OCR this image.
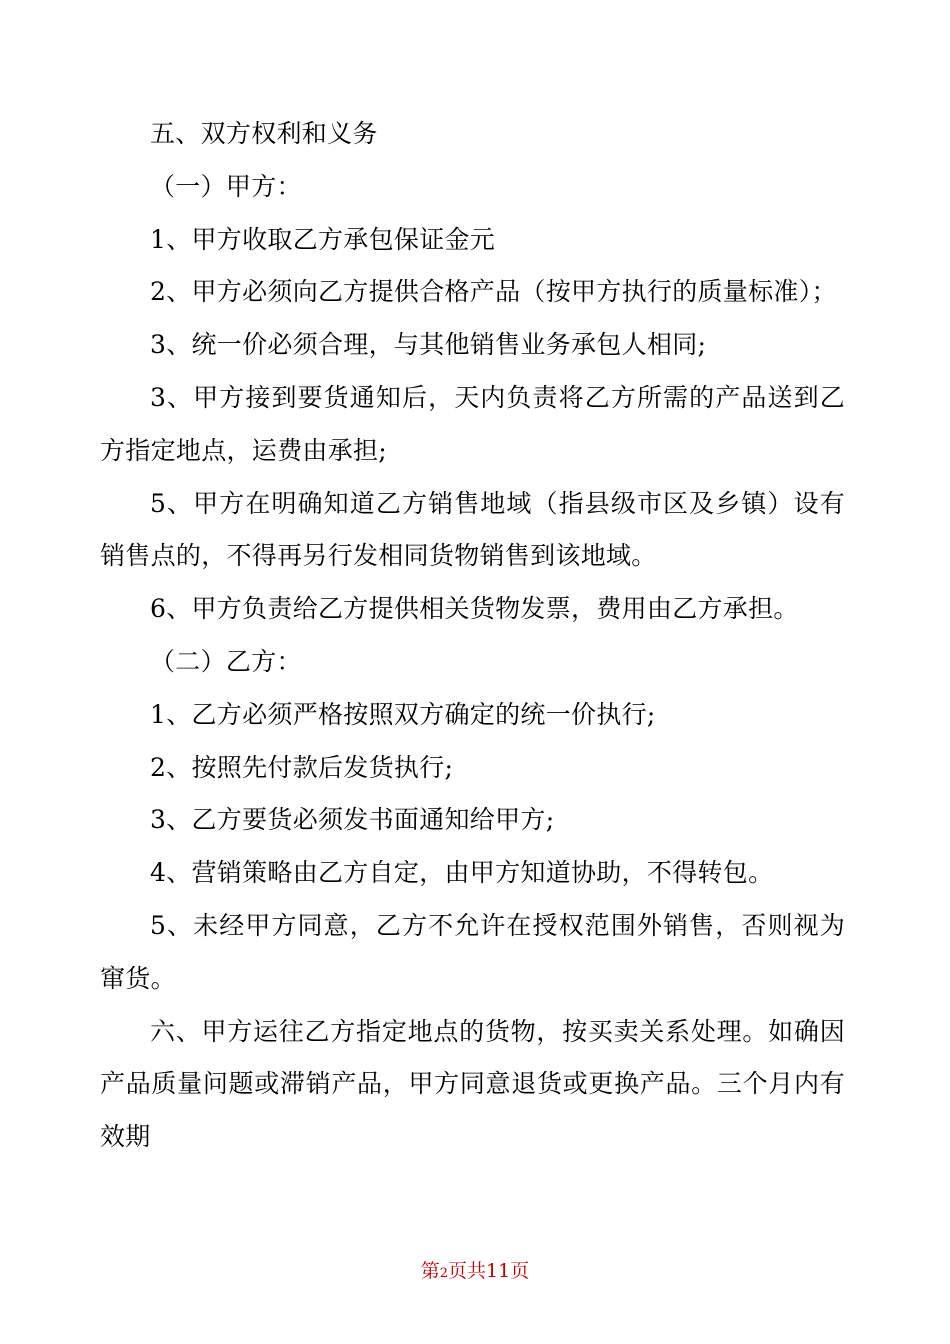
五、双方权利和义务

（一）甲方：

1、甲方收取乙方承包保证金元

2、甲方必须向乙方提供合格产品（按甲方执行的质量标准）；

3、统一价必须合理，与其他销售业务承包人相同;

3、甲方接到要货通知后，天内负责将乙方所需的产品送到乙方指定地点，运费由承担;

5、甲方在明确知道乙方销售地域（指县级市区及乡镇）设有销售点的，不得再另行发相同货物销售到该地域。

6、甲方负责给乙方提供相关货物发票，费用由乙方承担。

（二）乙方：

1、乙方必须严格按照双方确定的统一价执行;

2、按照先付款后发货执行;

3、乙方要货必须发书面通知给甲方;

4、营销策略由乙方自定，由甲方知道协助，不得转包。

5、未经甲方同意，乙方不允许在授权范围外销售，否则视为窜货。

六、甲方运往乙方指定地点的货物，按买卖关系处理。如确因产品质量问题或滞销产品，甲方同意退货或更换产品。三个月内有效期

第2页共11页
